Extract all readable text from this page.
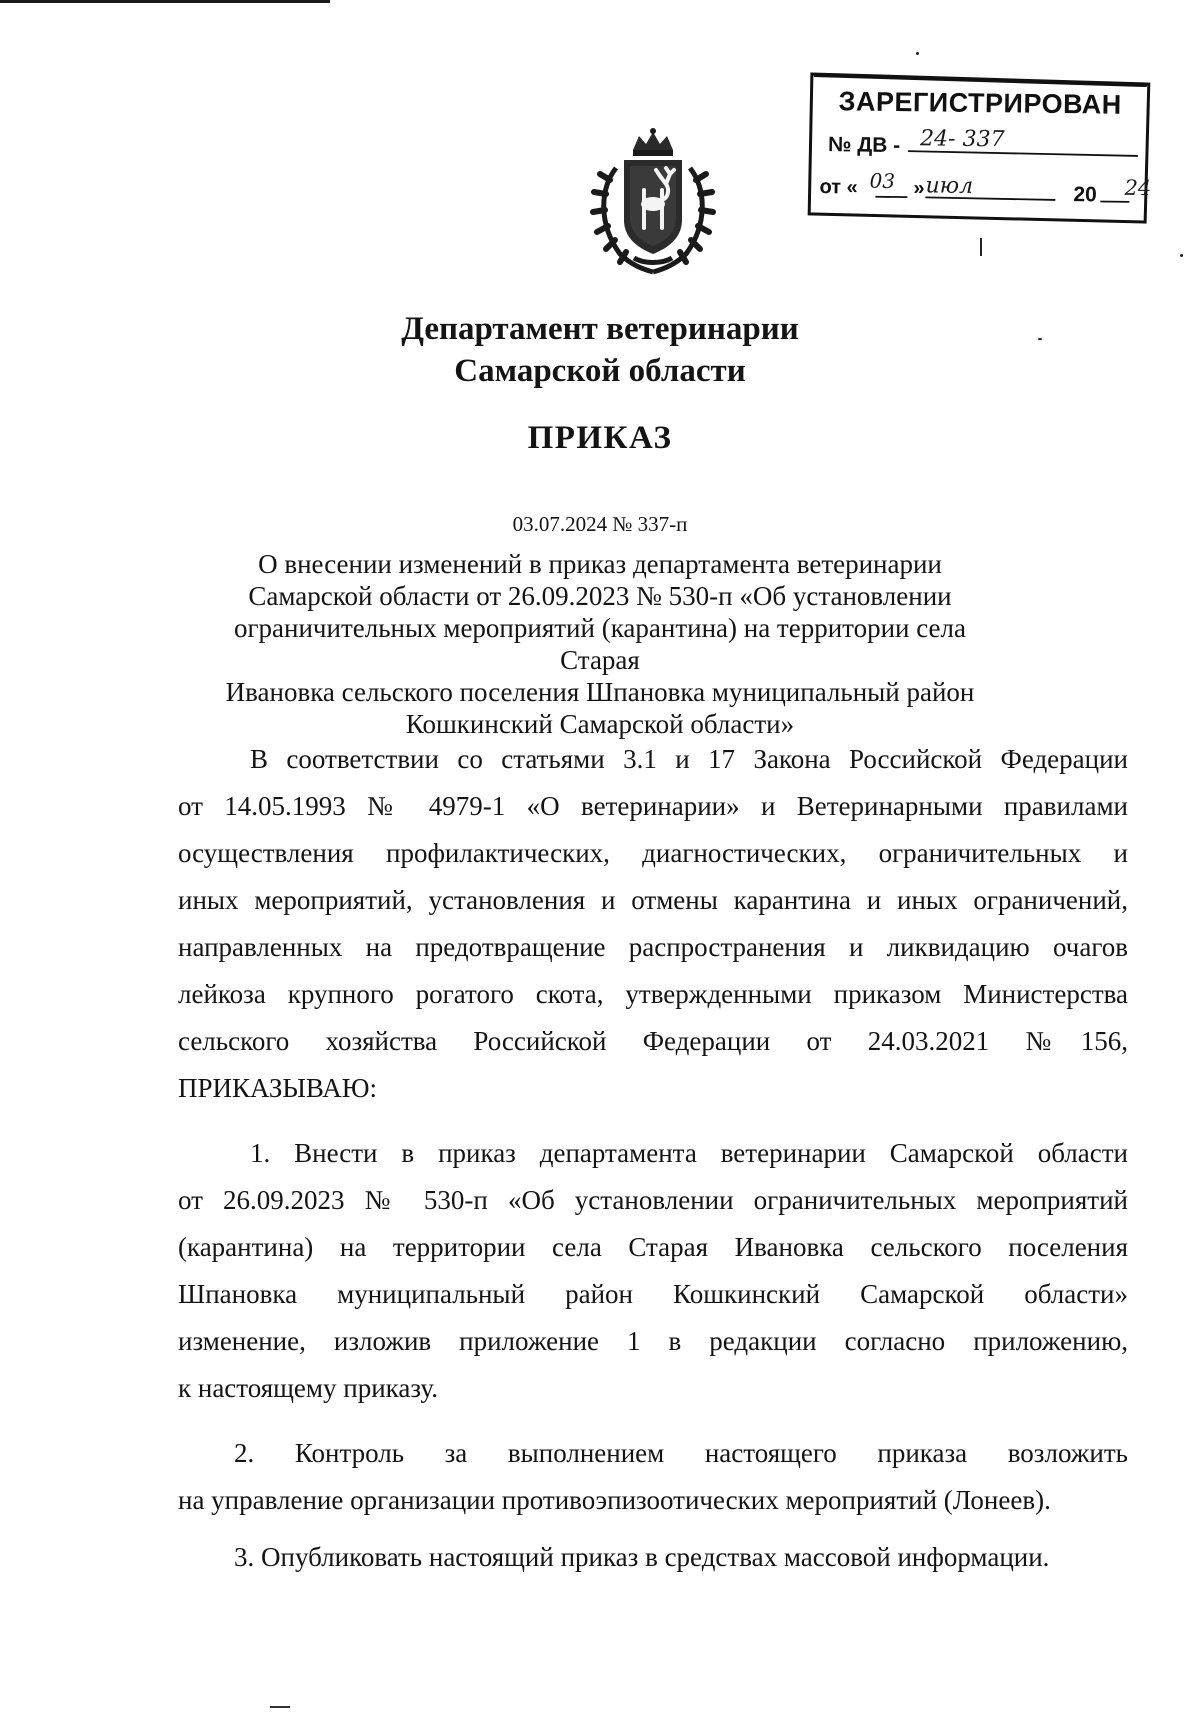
ЗАРЕГИСТРИРОВАН
№ ДВ - 24- 337
от « 03 » июл	20 24
Департамент ветеринарии
Самарской области
ПРИКАЗ
03.07.2024 № 337-п
О внесении изменений в приказ департамента ветеринарии
Самарской области от 26.09.2023 № 530-п «Об установлении
ограничительных мероприятий (карантина) на территории села Старая
Ивановка сельского поселения Шпановка муниципальный район
Кошкинский Самарской области»
В соответствии со статьями 3.1 и 17 Закона Российской Федерации
от 14.05.1993 № 4979-1 «О ветеринарии» и Ветеринарными правилами
осуществления профилактических, диагностических, ограничительных и
иных мероприятий, установления и отмены карантина и иных ограничений,
направленных на предотвращение распространения и ликвидацию очагов
лейкоза крупного рогатого скота, утвержденными приказом Министерства
сельского хозяйства Российской Федерации от 24.03.2021 №156,
ПРИКАЗЫВАЮ:
1. Внести в приказ департамента ветеринарии Самарской области
от 26.09.2023 № 530-п «Об установлении ограничительных мероприятий
(карантина) на территории села Старая Ивановка сельского поселения
Шпановка муниципальный район Кошкинский Самарской области»
изменение, изложив приложение 1 в редакции согласно приложению,
к настоящему приказу.
2. Контроль за выполнением настоящего приказа возложить
на управление организации противоэпизоотических мероприятий (Лонеев).
3. Опубликовать настоящий приказ в средствах массовой информации.
